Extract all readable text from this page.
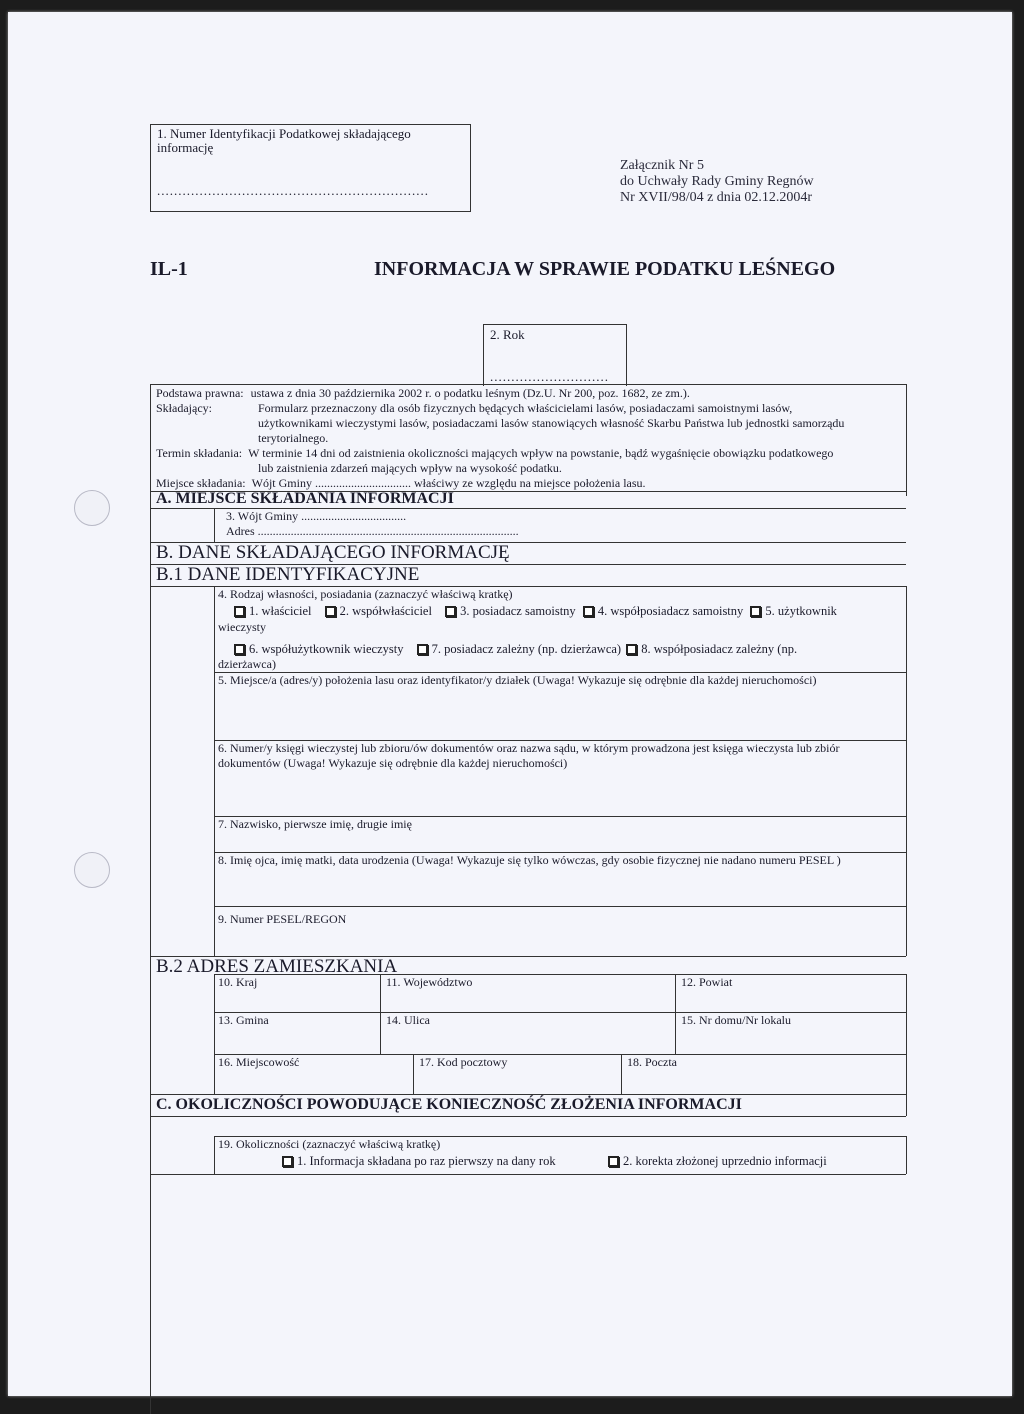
1. Numer Identyfikacji Podatkowej składającego informację
................................................................
Załącznik Nr 5
do Uchwały Rady Gminy Regnów
Nr XVII/98/04 z dnia 02.12.2004r
IL-1	INFORMACJA W SPRAWIE PODATKU LEŚNEGO
2. Rok
............................
Podstawa prawna: ustawa z dnia 30 października 2002 r. o podatku leśnym (Dz.U. Nr 200, poz. 1682, ze zm.).
Składający:	Formularz przeznaczony dla osób fizycznych będących właścicielami lasów, posiadaczami samoistnymi lasów,
użytkownikami wieczystymi lasów, posiadaczami lasów stanowiących własność Skarbu Państwa lub jednostki samorządu
terytorialnego.
Termin składania: W terminie 14 dni od zaistnienia okoliczności mających wpływ na powstanie, bądź wygaśnięcie obowiązku podatkowego
lub zaistnienia zdarzeń mających wpływ na wysokość podatku.
Miejsce składania: Wójt Gminy ................................ właściwy ze względu na miejsce położenia lasu.
A. MIEJSCE SKŁADANIA INFORMACJI
3. Wójt Gminy ...................................
Adres .......................................................................................
B. DANE SKŁADAJĄCEGO INFORMACJĘ
B.1 DANE IDENTYFIKACYJNE
4. Rodzaj własności, posiadania (zaznaczyć właściwą kratkę)
1. właściciel 2. współwłaściciel 3. posiadacz samoistny 4. współposiadacz samoistny 5. użytkownik
wieczysty
6. współużytkownik wieczysty 7. posiadacz zależny (np. dzierżawca) 8. współposiadacz zależny (np.
dzierżawca)
5. Miejsce/a (adres/y) położenia lasu oraz identyfikator/y działek (Uwaga! Wykazuje się odrębnie dla każdej nieruchomości)
6. Numer/y księgi wieczystej lub zbioru/ów dokumentów oraz nazwa sądu, w którym prowadzona jest księga wieczysta lub zbiór
dokumentów (Uwaga! Wykazuje się odrębnie dla każdej nieruchomości)
7. Nazwisko, pierwsze imię, drugie imię
8. Imię ojca, imię matki, data urodzenia (Uwaga! Wykazuje się tylko wówczas, gdy osobie fizycznej nie nadano numeru PESEL )
9. Numer PESEL/REGON
B.2 ADRES ZAMIESZKANIA
10. Kraj	11. Województwo	12. Powiat
13. Gmina	14. Ulica	15. Nr domu/Nr lokalu
16. Miejscowość	17. Kod pocztowy	18. Poczta
C. OKOLICZNOŚCI POWODUJĄCE KONIECZNOŚĆ ZŁOŻENIA INFORMACJI
19. Okoliczności (zaznaczyć właściwą kratkę)
1. Informacja składana po raz pierwszy na dany rok	2. korekta złożonej uprzednio informacji
